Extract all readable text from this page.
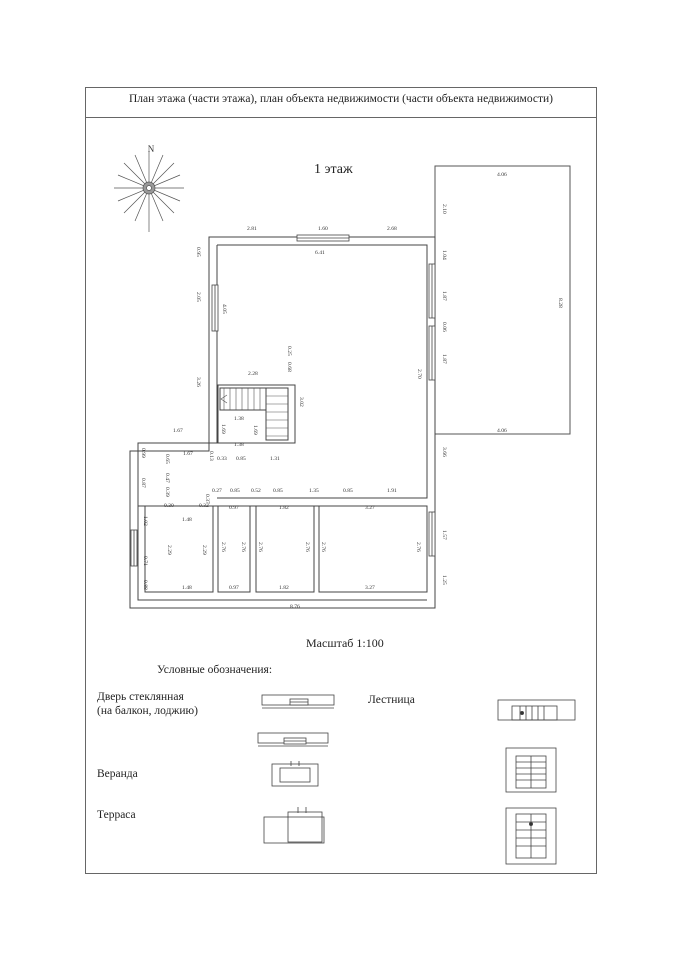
План этажа (части этажа), план объекта недвижимости (части объекта недвижимости)
N
4.06
2.10
8.28
4.06
3.66
1.04
1.87
0.06
1.87
2.81	1.60	2.68
6.41
0.95
2.05
4.05
3.26
0.25
0.68
2.28
3.02
2.70
1.38
1.69	1.69
1.38
0.13 0.33 0.85	1.31
1.67
1.67
0.99
0.65
0.87
0.47
0.39
0.30	0.32
0.37
0.27 0.85 0.52 0.85	1.35	0.85	1.91
0.97
1.48
1.82	3.27
1.02
0.71
0.88
2.29	2.29 2.76	2.76 2.76	2.76 2.76	2.76
1.57
1.25
1.48	0.97	1.82	3.27
8.76
1 этаж
Масштаб 1:100
Условные обозначения:
Дверь стеклянная
(на балкон, лоджию)
Лестница
Веранда
Терраса
